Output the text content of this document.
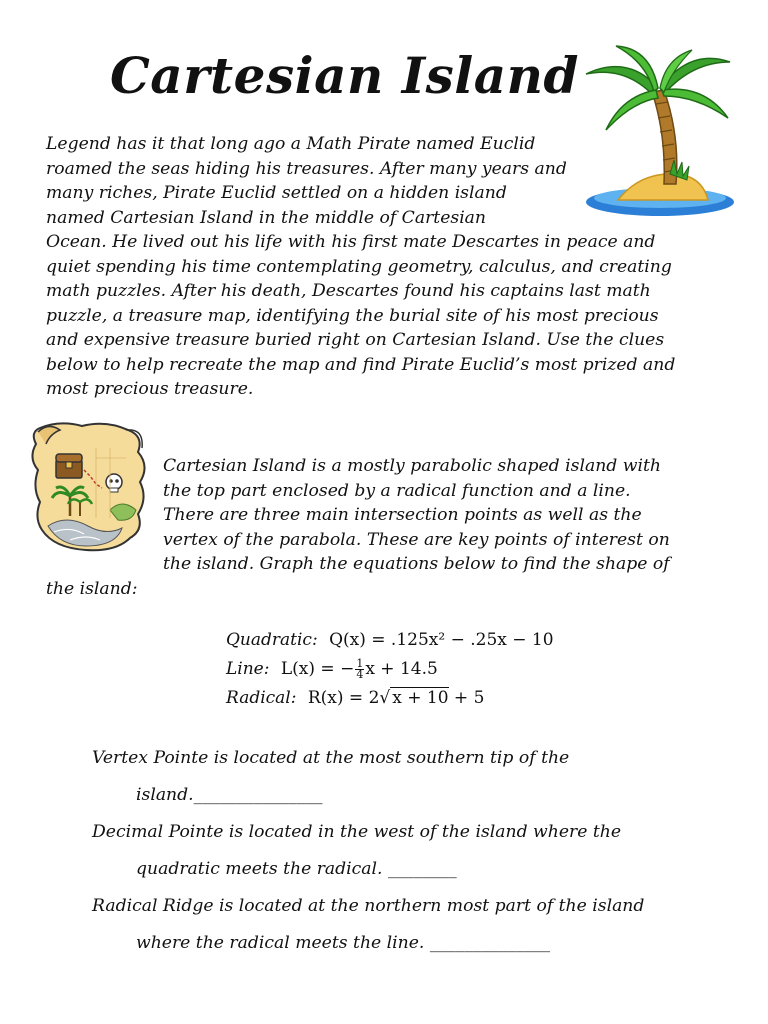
Cartesian Island
Legend has it that long ago a Math Pirate named Euclid
roamed the seas hiding his treasures. After many years and
many riches, Pirate Euclid settled on a hidden island
named Cartesian Island in the middle of Cartesian
Ocean. He lived out his life with his first mate Descartes in peace and
quiet spending his time contemplating geometry, calculus, and creating
math puzzles. After his death, Descartes found his captains last math
puzzle, a treasure map, identifying the burial site of his most precious
and expensive treasure buried right on Cartesian Island. Use the clues
below to help recreate the map and find Pirate Euclid’s most prized and
most precious treasure.
Cartesian Island is a mostly parabolic shaped island with
the top part enclosed by a radical function and a line.
There are three main intersection points as well as the
vertex of the parabola. These are key points of interest on
the island. Graph the equations below to find the shape of
the island:
Quadratic: Q(x) = .125x² − .25x − 10
Line: L(x) = − $\frac{1}{4}$ x + 14.5
Radical: R(x) = 2√ x + 10 + 5
Vertex Pointe is located at the most southern tip of the
island._______________
Decimal Pointe is located in the west of the island where the
quadratic meets the radical. ________
Radical Ridge is located at the northern most part of the island
where the radical meets the line. ______________
